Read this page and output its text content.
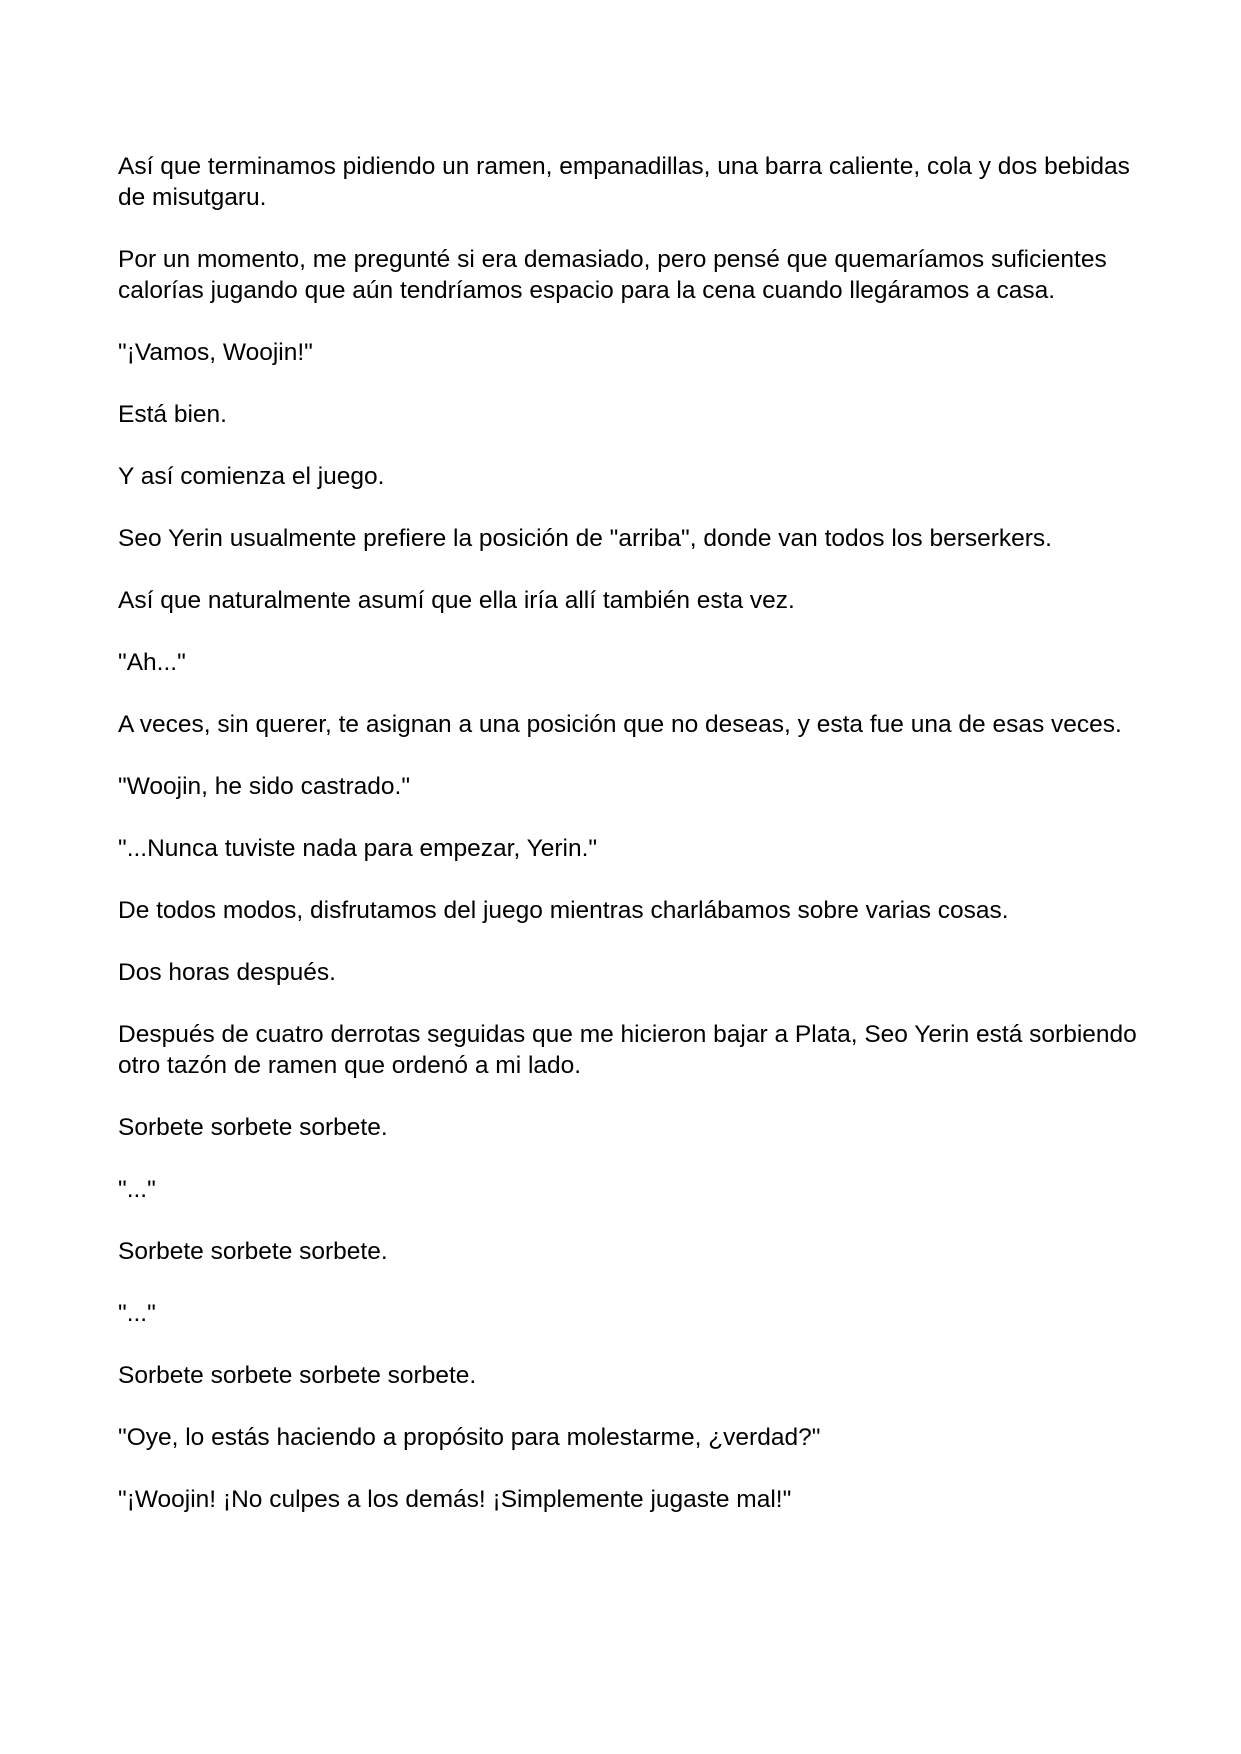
Así que terminamos pidiendo un ramen, empanadillas, una barra caliente, cola y dos bebidas de misutgaru.

Por un momento, me pregunté si era demasiado, pero pensé que quemaríamos suficientes calorías jugando que aún tendríamos espacio para la cena cuando llegáramos a casa.

"¡Vamos, Woojin!"

Está bien.

Y así comienza el juego.

Seo Yerin usualmente prefiere la posición de "arriba", donde van todos los berserkers.

Así que naturalmente asumí que ella iría allí también esta vez.

"Ah..."

A veces, sin querer, te asignan a una posición que no deseas, y esta fue una de esas veces.

"Woojin, he sido castrado."

"...Nunca tuviste nada para empezar, Yerin."

De todos modos, disfrutamos del juego mientras charlábamos sobre varias cosas.

Dos horas después.

Después de cuatro derrotas seguidas que me hicieron bajar a Plata, Seo Yerin está sorbiendo otro tazón de ramen que ordenó a mi lado.

Sorbete sorbete sorbete.

"..."

Sorbete sorbete sorbete.

"..."

Sorbete sorbete sorbete sorbete.

"Oye, lo estás haciendo a propósito para molestarme, ¿verdad?"

"¡Woojin! ¡No culpes a los demás! ¡Simplemente jugaste mal!"
